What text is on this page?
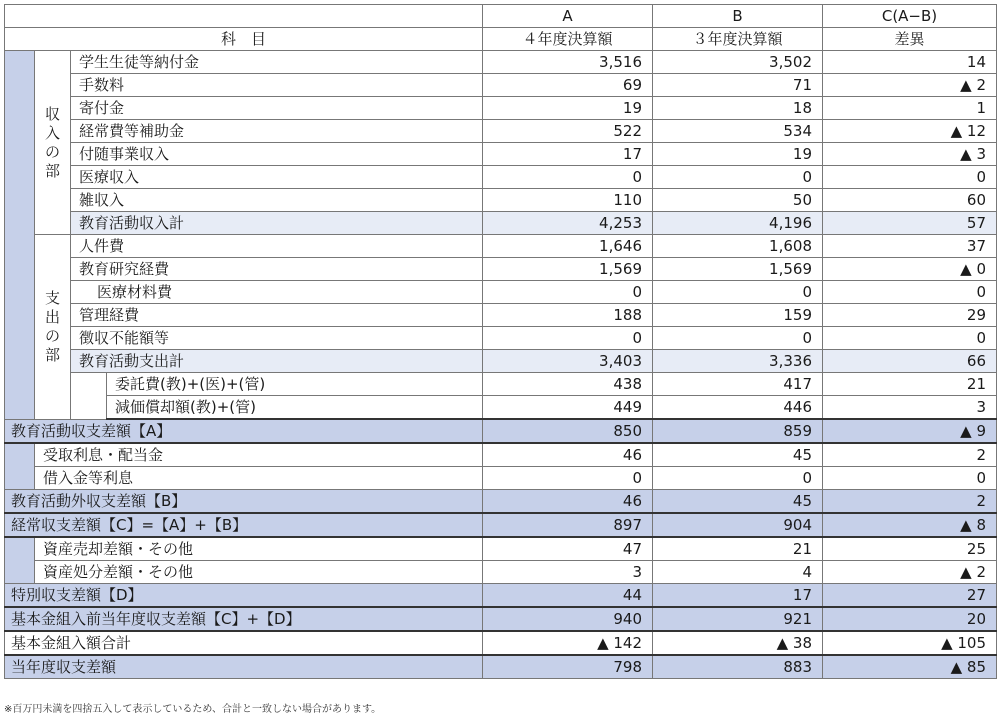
				A	B	C(A−B)
科　目				４年度決算額	３年度決算額	差異

	収
入
の
部	学生生徒等納付金		3,516	3,502	14
		手数料		69	71	▲ 2
		寄付金		19	18	1
		経常費等補助金		522	534	▲ 12
		付随事業収入		17	19	▲ 3
		医療収入		0	0	0
		雑収入		110	50	60
		教育活動収入計		4,253	4,196	57

	支
出
の
部	人件費		1,646	1,608	37
		教育研究経費		1,569	1,569	▲ 0
		医療材料費		0	0	0
		管理経費		188	159	29
		徴収不能額等		0	0	0
		教育活動支出計		3,403	3,336	66
			委託費(教)+(医)+(管)	438	417	21
			減価償却額(教)+(管)	449	446	3
教育活動収支差額【A】				850	859	▲ 9
	受取利息・配当金			46	45	2
	借入金等利息			0	0	0
教育活動外収支差額【B】				46	45	2
経常収支差額【C】=【A】+【B】				897	904	▲ 8
	資産売却差額・その他			47	21	25
	資産処分差額・その他			3	4	▲ 2
特別収支差額【D】				44	17	27
基本金組入前当年度収支差額【C】+【D】				940	921	20
基本金組入額合計				▲ 142	▲ 38	▲ 105
当年度収支差額				798	883	▲ 85
※百万円未満を四捨五入して表示しているため、合計と一致しない場合があります。
